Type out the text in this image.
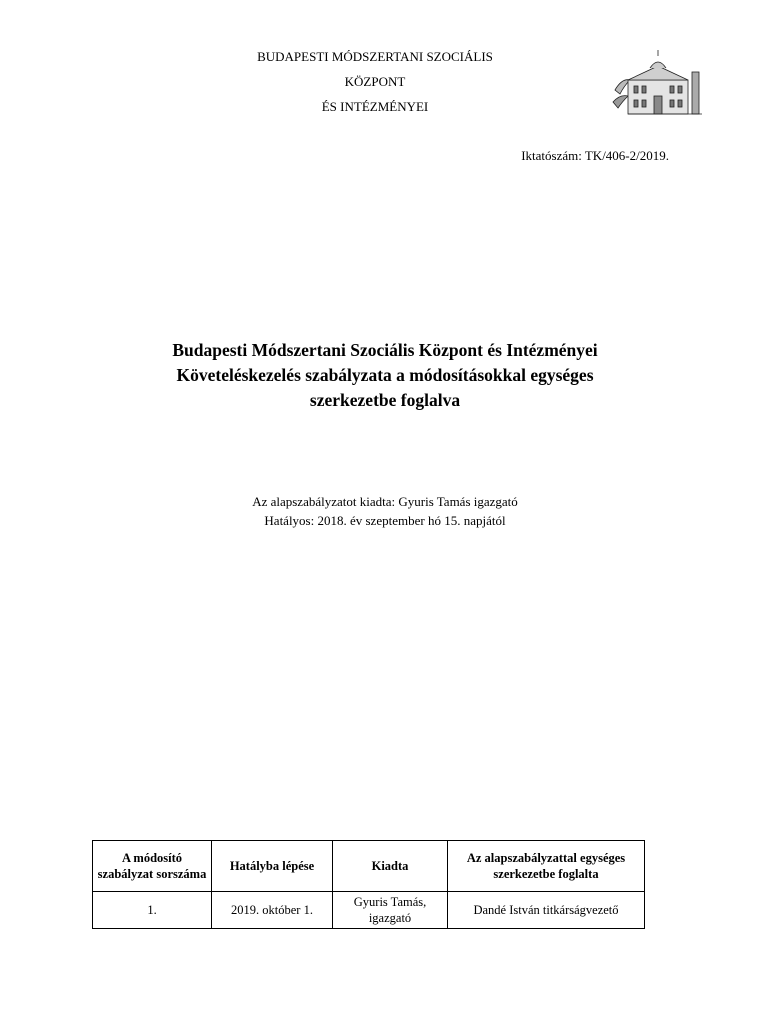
BUDAPESTI MÓDSZERTANI SZOCIÁLIS
KÖZPONT
ÉS INTÉZMÉNYEI
Iktatószám: TK/406-2/2019.
Budapesti Módszertani Szociális Központ és Intézményei
Követeléskezelés szabályzata a módosításokkal egységes
szerkezetbe foglalva
Az alapszabályzatot kiadta: Gyuris Tamás igazgató
Hatályos: 2018. év szeptember hó 15. napjától
A módosító szabályzat sorszáma	Hatályba lépése	Kiadta	Az alapszabályzattal egységes szerkezetbe foglalta
1.	2019. október 1.	Gyuris Tamás, igazgató	Dandé István titkárságvezető
